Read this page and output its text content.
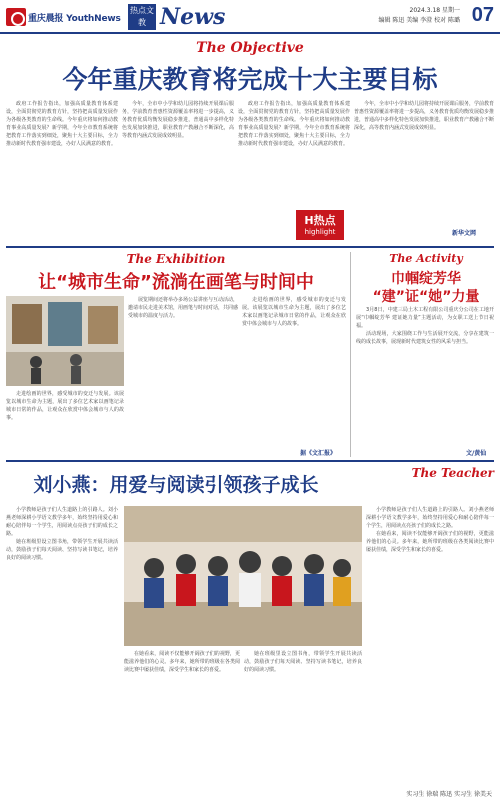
重庆晨报 YouthNews
热点文教 News	2024.3.18 星期一
编辑 陈迅 美编 李澄 校对 陈璐 07
The Objective
今年重庆教育将完成十大主要目标

政府工作报告指出，加强高质量教育体系建设，全面贯彻党的教育方针，坚持把高质量发展作为各级各类教育的生命线。今年重庆将如何推动教育事业高质量发展？新学期，今年全市教育系统将把教育工作落实到细处，聚焦十大主要目标，全力推动新时代教育强市建设，办好人民满意的教育。

今年，全市中小学和幼儿园将持续开展课后服务，学前教育普惠性资源覆盖率将进一步提高，义务教育优质均衡发展稳步推进，普通高中多样化特色发展加快推进，职业教育产教融合不断深化，高等教育内涵式发展成效明显。

政府工作报告指出，加强高质量教育体系建设，全面贯彻党的教育方针，坚持把高质量发展作为各级各类教育的生命线。今年重庆将如何推动教育事业高质量发展？新学期，今年全市教育系统将把教育工作落实到细处，聚焦十大主要目标，全力推动新时代教育强市建设，办好人民满意的教育。

H热点
highlight

今年，全市中小学和幼儿园将持续开展课后服务，学前教育普惠性资源覆盖率将进一步提高，义务教育优质均衡发展稳步推进，普通高中多样化特色发展加快推进，职业教育产教融合不断深化，高等教育内涵式发展成效明显。

新华文网
The Exhibition
让“城市生命”流淌在画笔与时间中

走进绘画的世界，感受城市的变迁与发展。该展览以城市生命为主题，展出了多位艺术家以画笔记录城市日常的作品，让观众在欣赏中体会城市与人的故事。

展览期间还将举办多场公益讲座与互动活动，邀请市民走进美术馆，用画笔与时间对话，共同感受城市的温度与活力。

走进绘画的世界，感受城市的变迁与发展。该展览以城市生命为主题，展出了多位艺术家以画笔记录城市日常的作品，让观众在欣赏中体会城市与人的故事。

据《文汇报》
The Activity
巾帼绽芳华
“建”证“她”力量

3月8日，中建三局土木工程有限公司重庆分公司在工地开展“巾帼绽芳华 建证她力量”主题活动，为女职工送上节日祝福。

活动现场，大家围绕工作与生活展开交流，分享在建筑一线的成长故事，展现新时代建筑女性的风采与担当。

文/黄仙
The Teacher
刘小燕：用爱与阅读引领孩子成长

小学教师是孩子们人生道路上的引路人。刘小燕老师深耕小学语文教学多年，始终坚持用爱心和耐心陪伴每一个学生，用阅读点亮孩子们的成长之路。

她在班级里设立图书角，带领学生开展共读活动，鼓励孩子们每天阅读、坚持写读书笔记，培养良好的阅读习惯。

在她看来，阅读不仅能够开阔孩子们的视野，更能滋养他们的心灵。多年来，她所带的班级在各类阅读比赛中屡获佳绩，深受学生和家长的喜爱。

她在班级里设立图书角，带领学生开展共读活动，鼓励孩子们每天阅读、坚持写读书笔记，培养良好的阅读习惯。

小学教师是孩子们人生道路上的引路人。刘小燕老师深耕小学语文教学多年，始终坚持用爱心和耐心陪伴每一个学生，用阅读点亮孩子们的成长之路。

在她看来，阅读不仅能够开阔孩子们的视野，更能滋养他们的心灵。多年来，她所带的班级在各类阅读比赛中屡获佳绩，深受学生和家长的喜爱。

实习生 徐瑞 陈迅 实习生 徐美天
